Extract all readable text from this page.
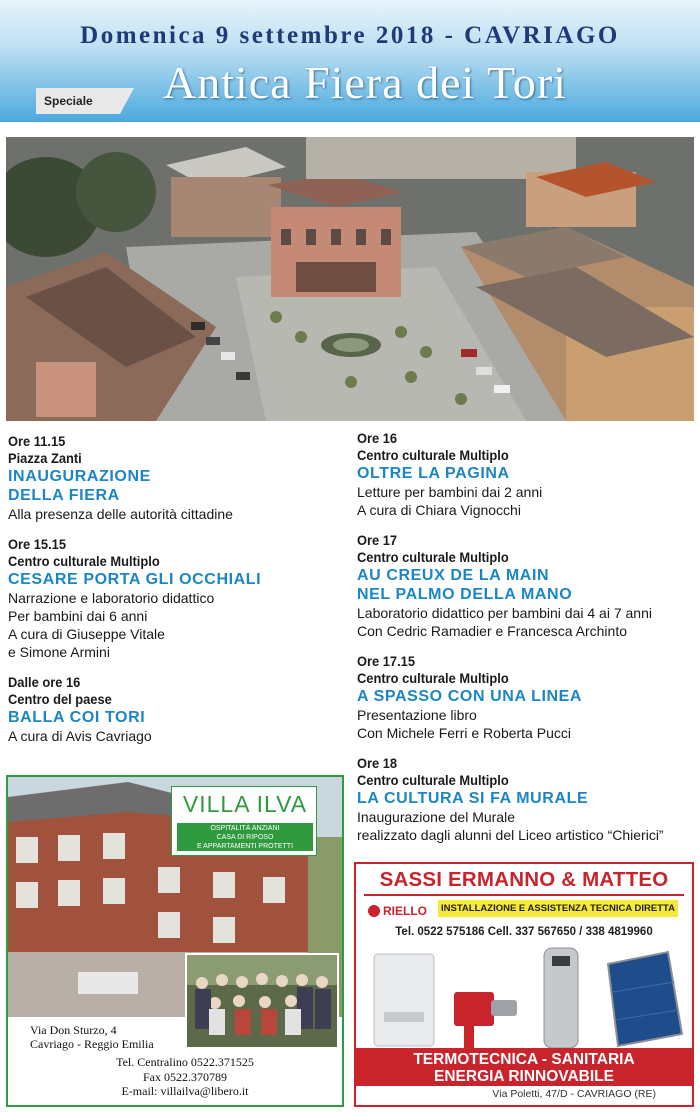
Domenica 9 settembre 2018 - CAVRIAGO
Antica Fiera dei Tori
Speciale
Ore 11.15
Piazza Zanti
INAUGURAZIONE
DELLA FIERA
Alla presenza delle autorità cittadine
Ore 15.15
Centro culturale Multiplo
CESARE PORTA GLI OCCHIALI
Narrazione e laboratorio didattico
Per bambini dai 6 anni
A cura di Giuseppe Vitale
e Simone Armini
Dalle ore 16
Centro del paese
BALLA COI TORI
A cura di Avis Cavriago
Ore 16
Centro culturale Multiplo
OLTRE LA PAGINA
Letture per bambini dai 2 anni
A cura di Chiara Vignocchi
Ore 17
Centro culturale Multiplo
AU CREUX DE LA MAIN
NEL PALMO DELLA MANO
Laboratorio didattico per bambini dai 4 ai 7 anni
Con Cedric Ramadier e Francesca Archinto
Ore 17.15
Centro culturale Multiplo
A SPASSO CON UNA LINEA
Presentazione libro
Con Michele Ferri e Roberta Pucci
Ore 18
Centro culturale Multiplo
LA CULTURA SI FA MURALE
Inaugurazione del Murale
realizzato dagli alunni del Liceo artistico “Chierici”
VILLA ILVA
OSPITALITÀ ANZIANI
CASA DI RIPOSO
E APPARTAMENTI PROTETTI
Via Don Sturzo, 4
Cavriago - Reggio Emilia
Tel. Centralino 0522.371525
Fax 0522.370789
E-mail: villailva@libero.it
SASSI ERMANNO & MATTEO
RIELLO	INSTALLAZIONE E ASSISTENZA TECNICA DIRETTA
Tel. 0522 575186 Cell. 337 567650 / 338 4819960
TERMOTECNICA - SANITARIA
ENERGIA RINNOVABILE
Via Poletti, 47/D - CAVRIAGO (RE)
